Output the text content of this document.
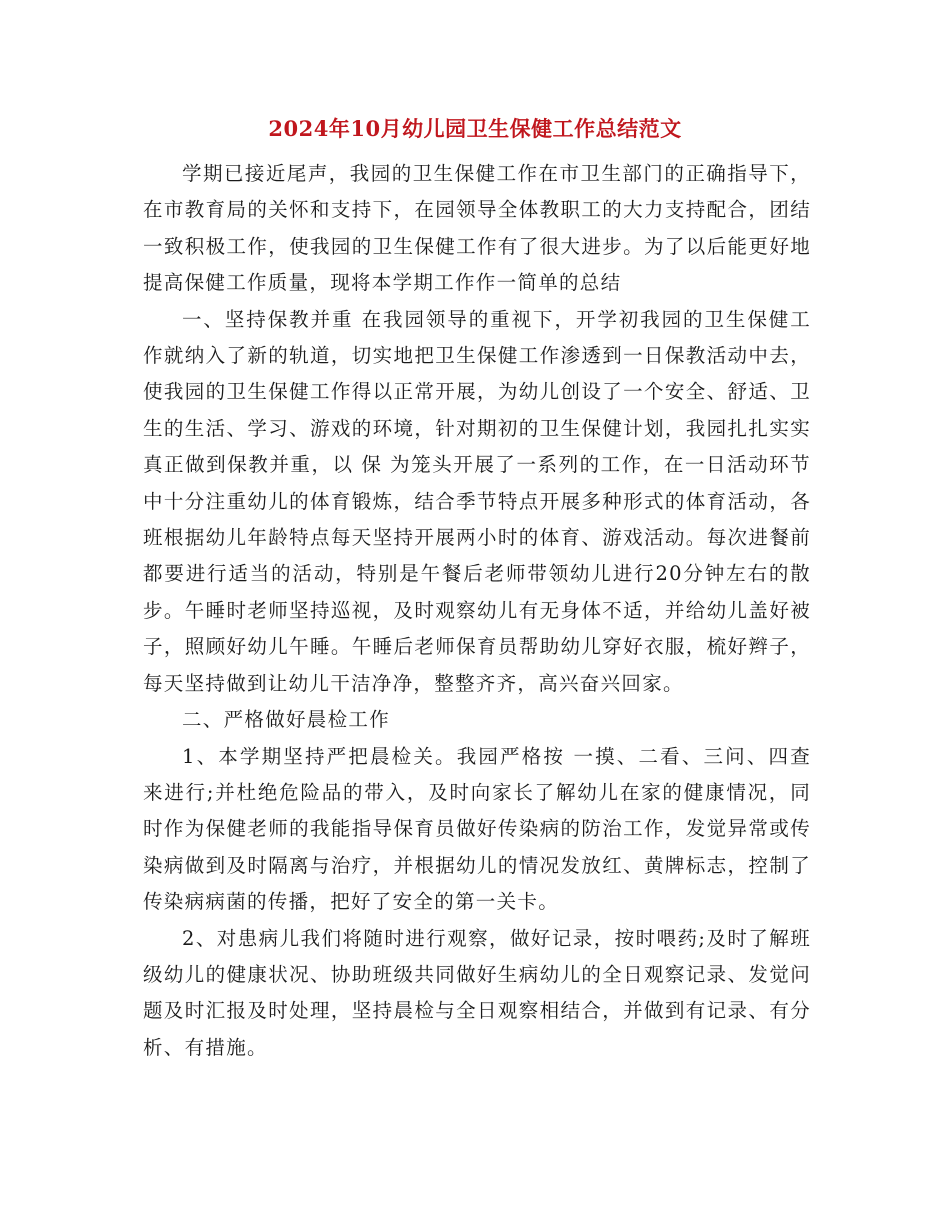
2024年10月幼儿园卫生保健工作总结范文

学期已接近尾声，我园的卫生保健工作在市卫生部门的正确指导下，在市教育局的关怀和支持下，在园领导全体教职工的大力支持配合，团结一致积极工作，使我园的卫生保健工作有了很大进步。为了以后能更好地提高保健工作质量，现将本学期工作作一简单的总结

一、坚持保教并重 在我园领导的重视下，开学初我园的卫生保健工作就纳入了新的轨道，切实地把卫生保健工作渗透到一日保教活动中去，使我园的卫生保健工作得以正常开展，为幼儿创设了一个安全、舒适、卫生的生活、学习、游戏的环境，针对期初的卫生保健计划，我园扎扎实实真正做到保教并重，以 保 为笼头开展了一系列的工作，在一日活动环节中十分注重幼儿的体育锻炼，结合季节特点开展多种形式的体育活动，各班根据幼儿年龄特点每天坚持开展两小时的体育、游戏活动。每次进餐前都要进行适当的活动，特别是午餐后老师带领幼儿进行20分钟左右的散步。午睡时老师坚持巡视，及时观察幼儿有无身体不适，并给幼儿盖好被子，照顾好幼儿午睡。午睡后老师保育员帮助幼儿穿好衣服，梳好辫子，每天坚持做到让幼儿干洁净净，整整齐齐，高兴奋兴回家。

二、严格做好晨检工作

1、本学期坚持严把晨检关。我园严格按 一摸、二看、三问、四查 来进行;并杜绝危险品的带入，及时向家长了解幼儿在家的健康情况，同时作为保健老师的我能指导保育员做好传染病的防治工作，发觉异常或传染病做到及时隔离与治疗，并根据幼儿的情况发放红、黄牌标志，控制了传染病病菌的传播，把好了安全的第一关卡。

2、对患病儿我们将随时进行观察，做好记录，按时喂药;及时了解班级幼儿的健康状况、协助班级共同做好生病幼儿的全日观察记录、发觉问题及时汇报及时处理，坚持晨检与全日观察相结合，并做到有记录、有分析、有措施。
